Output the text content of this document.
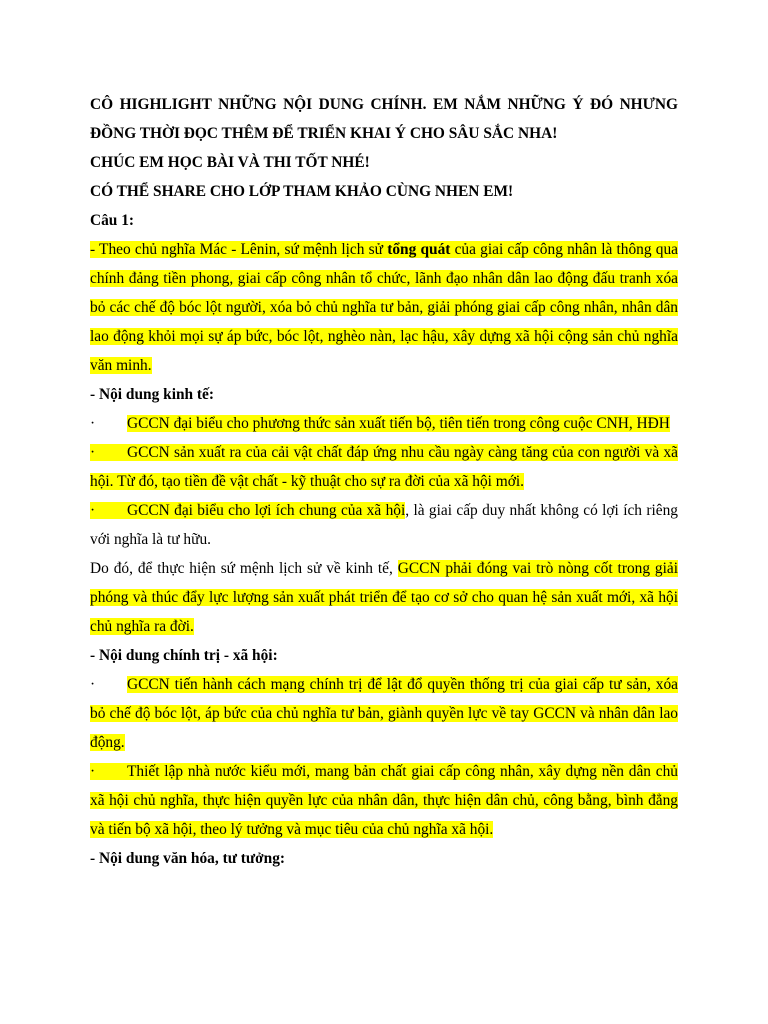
CÔ HIGHLIGHT NHỮNG NỘI DUNG CHÍNH. EM NẮM NHỮNG Ý ĐÓ NHƯNG ĐỒNG THỜI ĐỌC THÊM ĐỂ TRIỂN KHAI Ý CHO SÂU SẮC NHA!

CHÚC EM HỌC BÀI VÀ THI TỐT NHÉ!

CÓ THỂ SHARE CHO LỚP THAM KHẢO CÙNG NHEN EM!

Câu 1:

- Theo chủ nghĩa Mác - Lênin, sứ mệnh lịch sử tổng quát của giai cấp công nhân là thông qua chính đảng tiền phong, giai cấp công nhân tổ chức, lãnh đạo nhân dân lao động đấu tranh xóa bỏ các chế độ bóc lột người, xóa bỏ chủ nghĩa tư bản, giải phóng giai cấp công nhân, nhân dân lao động khỏi mọi sự áp bức, bóc lột, nghèo nàn, lạc hậu, xây dựng xã hội cộng sản chủ nghĩa văn minh.

- Nội dung kinh tế:

· GCCN đại biểu cho phương thức sản xuất tiến bộ, tiên tiến trong công cuộc CNH, HĐH

· GCCN sản xuất ra của cải vật chất đáp ứng nhu cầu ngày càng tăng của con người và xã hội. Từ đó, tạo tiền đề vật chất - kỹ thuật cho sự ra đời của xã hội mới.

· GCCN đại biểu cho lợi ích chung của xã hội, là giai cấp duy nhất không có lợi ích riêng với nghĩa là tư hữu.

Do đó, để thực hiện sứ mệnh lịch sử về kinh tế, GCCN phải đóng vai trò nòng cốt trong giải phóng và thúc đẩy lực lượng sản xuất phát triển để tạo cơ sở cho quan hệ sản xuất mới, xã hội chủ nghĩa ra đời.

- Nội dung chính trị - xã hội:

· GCCN tiến hành cách mạng chính trị để lật đổ quyền thống trị của giai cấp tư sản, xóa bỏ chế độ bóc lột, áp bức của chủ nghĩa tư bản, giành quyền lực về tay GCCN và nhân dân lao động.

· Thiết lập nhà nước kiểu mới, mang bản chất giai cấp công nhân, xây dựng nền dân chủ xã hội chủ nghĩa, thực hiện quyền lực của nhân dân, thực hiện dân chủ, công bằng, bình đẳng và tiến bộ xã hội, theo lý tưởng và mục tiêu của chủ nghĩa xã hội.

- Nội dung văn hóa, tư tưởng:
